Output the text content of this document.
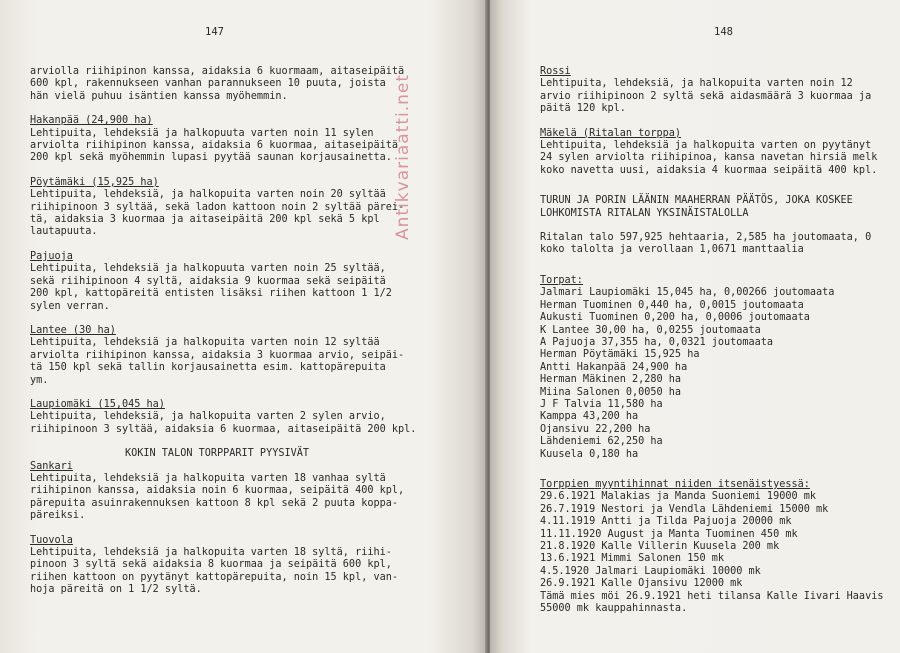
147

arviolla riihipinon kanssa, aidaksia 6 kuormaam, aitaseipäitä

600 kpl, rakennukseen vanhan parannukseen 10 puuta, joista

hän vielä puhuu isäntien kanssa myöhemmin.

Hakanpää (24,900 ha)

Lehtipuita, lehdeksiä ja halkopuuta varten noin 11 sylen

arviolta riihipinon kanssa, aidaksia 6 kuormaa, aitaseipäitä

200 kpl sekä myöhemmin lupasi pyytää saunan korjausainetta.

Pöytämäki (15,925 ha)

Lehtipuita, lehdeksiä, ja halkopuita varten noin 20 syltää

riihipinoon 3 syltää, sekä ladon kattoon noin 2 syltää pärei-

tä, aidaksia 3 kuormaa ja aitaseipäitä 200 kpl sekä 5 kpl

lautapuuta.

Pajuoja

Lehtipuita, lehdeksiä ja halkopuuta varten noin 25 syltää,

sekä riihipinoon 4 syltä, aidaksia 9 kuormaa sekä seipäitä

200 kpl, kattopäreitä entisten lisäksi riihen kattoon 1 1/2

sylen verran.

Lantee (30 ha)

Lehtipuita, lehdeksiä ja halkopuita varten noin 12 syltää

arviolta riihipinon kanssa, aidaksia 3 kuormaa arvio, seipäi-

tä 150 kpl sekä tallin korjausainetta esim. kattopärepuita

ym.

Laupiomäki (15,045 ha)

Lehtipuita, lehdeksiä, ja halkopuita varten 2 sylen arvio,

riihipinoon 3 syltää, aidaksia 6 kuormaa, aitaseipäitä 200 kpl.

KOKIN TALON TORPPARIT PYYSIVÄT

Sankari

Lehtipuita, lehdeksiä ja halkopuita varten 18 vanhaa syltä

riihipinon kanssa, aidaksia noin 6 kuormaa, seipäitä 400 kpl,

pärepuita asuinrakennuksen kattoon 8 kpl sekä 2 puuta koppa-

päreiksi.

Tuovola

Lehtipuita, lehdeksiä ja halkopuita varten 18 syltä, riihi-

pinoon 3 syltä sekä aidaksia 8 kuormaa ja seipäitä 600 kpl,

riihen kattoon on pyytänyt kattopärepuita, noin 15 kpl, van-

hoja päreitä on 1 1/2 syltä.

148

Rossi

Lehtipuita, lehdeksiä, ja halkopuita varten noin 12

arvio riihipinoon 2 syltä sekä aidasmäärä 3 kuormaa ja

päitä 120 kpl.

Mäkelä (Ritalan torppa)

Lehtipuita, lehdeksiä ja halkopuita varten on pyytänyt

24 sylen arviolta riihipinoa, kansa navetan hirsiä melk

koko navetta uusi, aidaksia 4 kuormaa seipäitä 400 kpl.

TURUN JA PORIN LÄÄNIN MAAHERRAN PÄÄTÖS, JOKA KOSKEE

LOHKOMISTA RITALAN YKSINÄISTALOLLA

Ritalan talo 597,925 hehtaaria, 2,585 ha joutomaata, 0

koko talolta ja verollaan 1,0671 manttaalia

Torpat:

Jalmari Laupiomäki 15,045 ha, 0,00266 joutomaata

Herman Tuominen 0,440 ha, 0,0015 joutomaata

Aukusti Tuominen 0,200 ha, 0,0006 joutomaata

K Lantee 30,00 ha, 0,0255 joutomaata

A Pajuoja 37,355 ha, 0,0321 joutomaata

Herman Pöytämäki 15,925 ha

Antti Hakanpää 24,900 ha

Herman Mäkinen 2,280 ha

Miina Salonen 0,0050 ha

J F Talvia 11,580 ha

Kamppa 43,200 ha

Ojansivu 22,200 ha

Lähdeniemi 62,250 ha

Kuusela 0,180 ha

Torppien myyntihinnat niiden itsenäistyessä:

29.6.1921 Malakias ja Manda Suoniemi 19000 mk

26.7.1919 Nestori ja Vendla Lähdeniemi 15000 mk

4.11.1919 Antti ja Tilda Pajuoja 20000 mk

11.11.1920 August ja Manta Tuominen 450 mk

21.8.1920 Kalle Villerin Kuusela 200 mk

13.6.1921 Mimmi Salonen 150 mk

4.5.1920 Jalmari Laupiomäki 10000 mk

26.9.1921 Kalle Ojansivu 12000 mk

Tämä mies möi 26.9.1921 heti tilansa Kalle Iivari Haavis

55000 mk kauppahinnasta.

Antikvariaatti.net
